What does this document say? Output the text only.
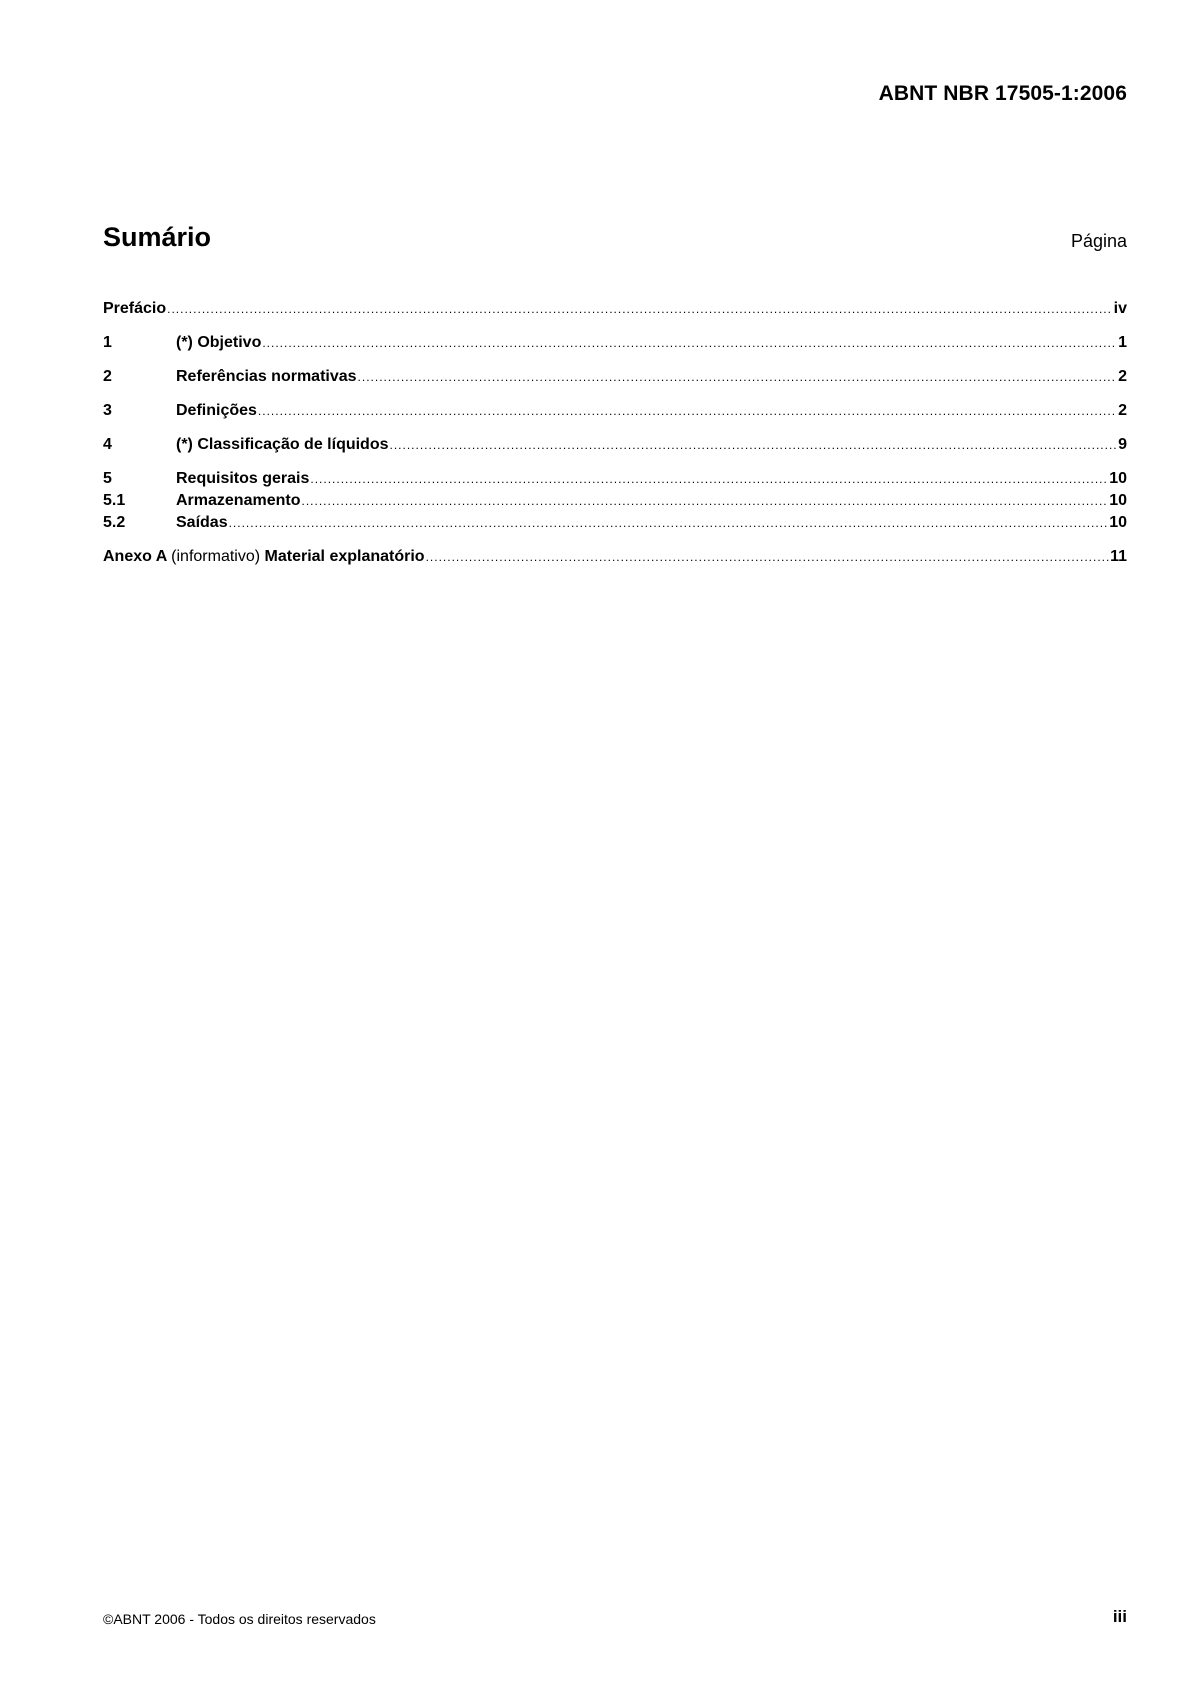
ABNT NBR 17505-1:2006
Sumário	Página
Prefácio .....	iv
1	(*) Objetivo .....	1
2	Referências normativas .....	2
3	Definições .....	2
4	(*) Classificação de líquidos .....	9
5	Requisitos gerais .....	10
5.1	Armazenamento .....	10
5.2	Saídas .....	10
Anexo A (informativo) Material explanatório .....	11
©ABNT 2006 - Todos os direitos reservados	iii
